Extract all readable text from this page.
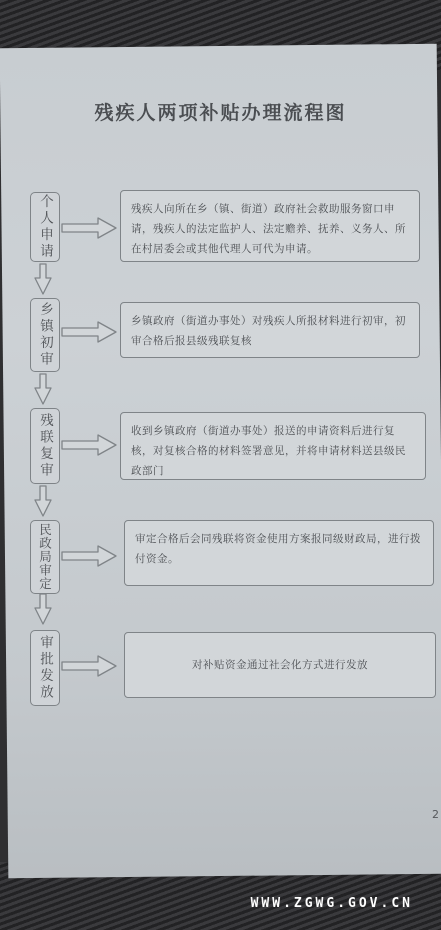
残疾人两项补贴办理流程图
个人申请	残疾人向所在乡（镇、街道）政府社会救助服务窗口申请，残疾人的法定监护人、法定赡养、抚养、义务人、所在村居委会或其他代理人可代为申请。
乡镇初审	乡镇政府（街道办事处）对残疾人所报材料进行初审，初审合格后报县级残联复核
残联复审	收到乡镇政府（街道办事处）报送的申请资料后进行复核，对复核合格的材料签署意见，并将申请材料送县级民政部门
民政局审定	审定合格后会同残联将资金使用方案报同级财政局，进行拨付资金。
审批发放	对补贴资金通过社会化方式进行发放
2
WWW.ZGWG.GOV.CN
